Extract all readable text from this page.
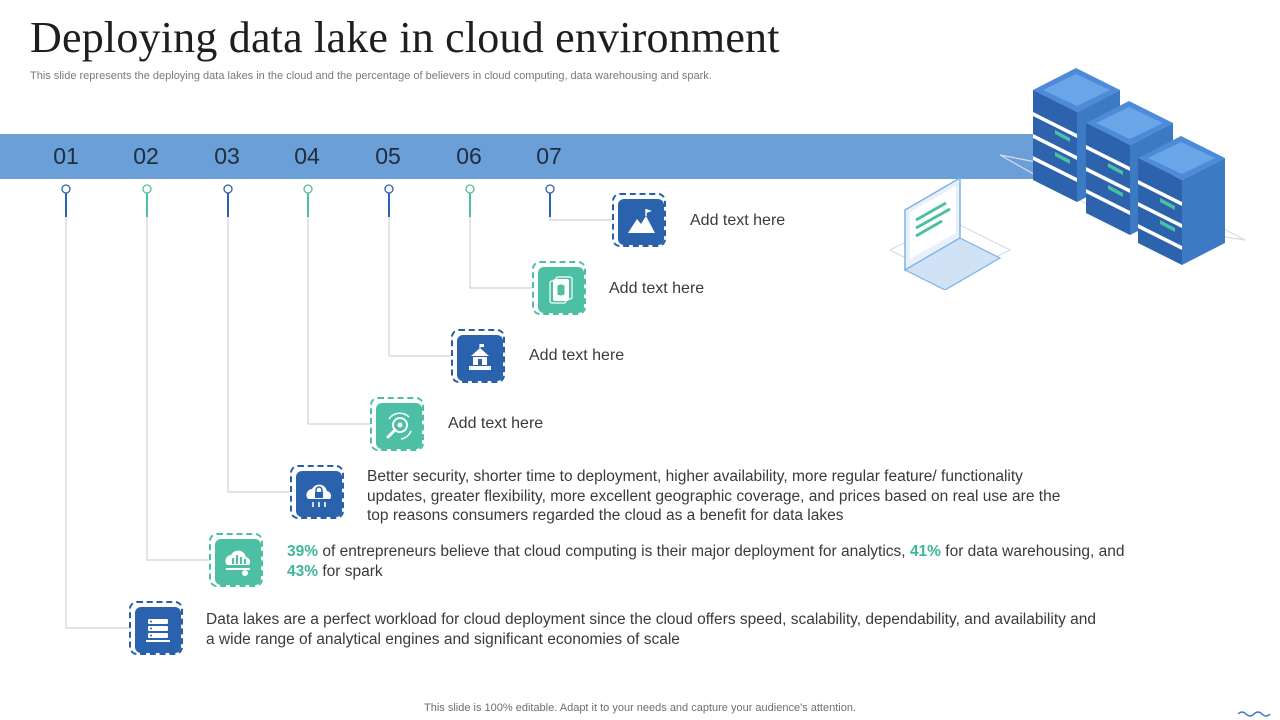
Deploying data lake in cloud environment
This slide represents the deploying data lakes in the cloud and the percentage of believers in cloud computing, data warehousing and spark.
01	02	03	04	05	06	07
Data lakes are a perfect workload for cloud deployment since the cloud offers speed, scalability, dependability, and availability and a wide range of analytical engines and significant economies of scale
39% of entrepreneurs believe that cloud computing is their major deployment for analytics, 41% for data warehousing, and 43% for spark
Better security, shorter time to deployment, higher availability, more regular feature/ functionality updates, greater flexibility, more excellent geographic coverage, and prices based on real use are the top reasons consumers regarded the cloud as a benefit for data lakes
Add text here
Add text here
Add text here
Add text here
This slide is 100% editable. Adapt it to your needs and capture your audience's attention.
